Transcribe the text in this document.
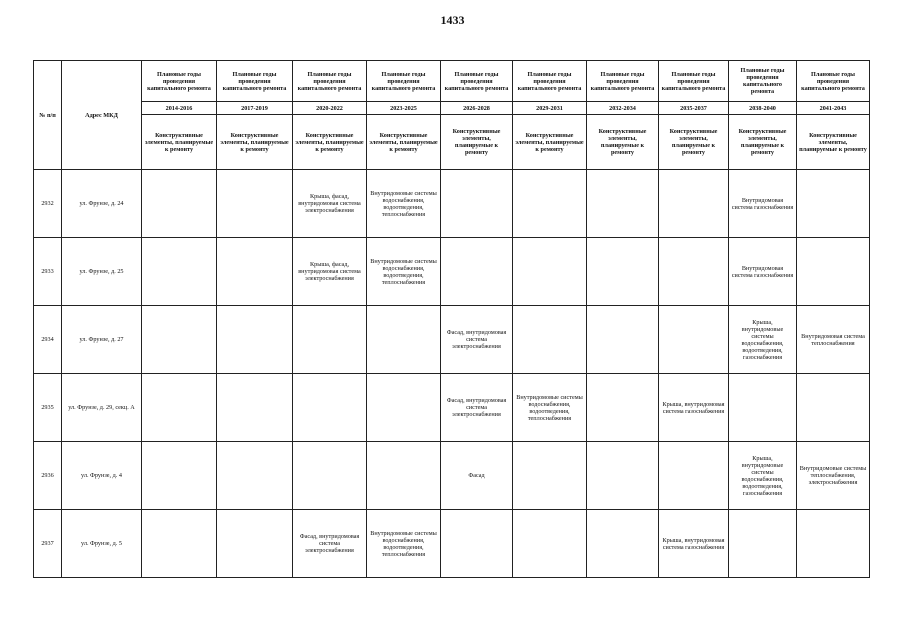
1433
№ п/п	Адрес МКД	Плановые годы проведения капитального ремонта	Плановые годы проведения капитального ремонта	Плановые годы проведения капитального ремонта	Плановые годы проведения капитального ремонта	Плановые годы проведения капитального ремонта	Плановые годы проведения капитального ремонта	Плановые годы проведения капитального ремонта	Плановые годы проведения капитального ремонта	Плановые годы проведения капитального ремонта	Плановые годы проведения капитального ремонта
		2014-2016	2017-2019	2020-2022	2023-2025	2026-2028	2029-2031	2032-2034	2035-2037	2038-2040	2041-2043
		Конструктивные элементы, планируемые к ремонту	Конструктивные элементы, планируемые к ремонту	Конструктивные элементы, планируемые к ремонту	Конструктивные элементы, планируемые к ремонту	Конструктивные элементы, планируемые к ремонту	Конструктивные элементы, планируемые к ремонту	Конструктивные элементы, планируемые к ремонту	Конструктивные элементы, планируемые к ремонту	Конструктивные элементы, планируемые к ремонту	Конструктивные элементы, планируемые к ремонту
2932	ул. Фрунзе, д. 24			Крыша, фасад, внутридомовая система электроснабжения	Внутридомовые системы водоснабжения, водоотведения, теплоснабжения					Внутридомовая система газоснабжения	
2933	ул. Фрунзе, д. 25			Крыша, фасад, внутридомовая система электроснабжения	Внутридомовые системы водоснабжения, водоотведения, теплоснабжения					Внутридомовая система газоснабжения	
2934	ул. Фрунзе, д. 27					Фасад, внутридомовая система электроснабжения				Крыша, внутридомовые системы водоснабжения, водоотведения, газоснабжения	Внутридомовая система теплоснабжения
2935	ул. Фрунзе, д. 29, секц. А					Фасад, внутридомовая система электроснабжения	Внутридомовые системы водоснабжения, водоотведения, теплоснабжения		Крыша, внутридомовая система газоснабжения		
2936	ул. Фрунзе, д. 4					Фасад				Крыша, внутридомовые системы водоснабжения, водоотведения, газоснабжения	Внутридомовые системы теплоснабжения, электроснабжения
2937	ул. Фрунзе, д. 5			Фасад, внутридомовая система электроснабжения	Внутридомовые системы водоснабжения, водоотведения, теплоснабжения				Крыша, внутридомовая система газоснабжения		
